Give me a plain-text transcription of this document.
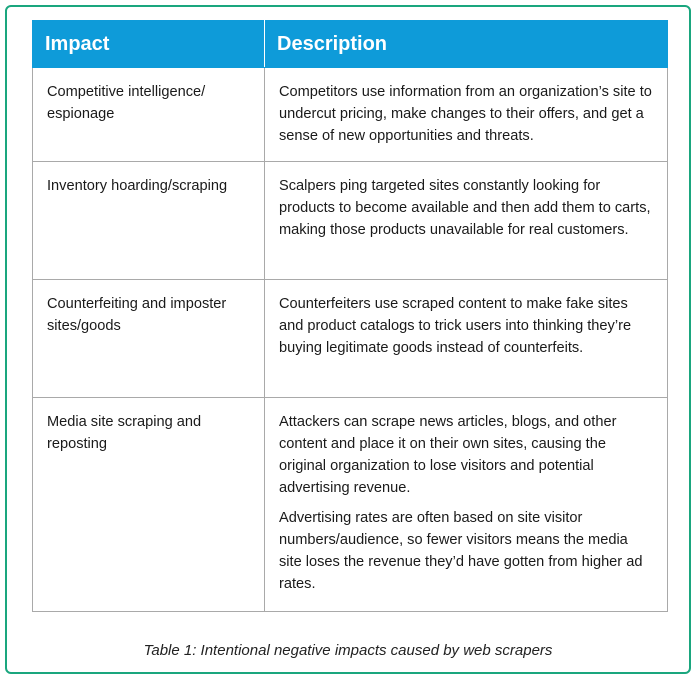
Impact	Description

Competitive intelligence/ espionage	Competitors use information from an organization’s site to undercut pricing, make changes to their offers, and get a sense of new opportunities and threats.

Inventory hoarding/scraping	Scalpers ping targeted sites constantly looking for products to become available and then add them to carts, making those products unavailable for real customers.

Counterfeiting and imposter sites/goods	Counterfeiters use scraped content to make fake sites and product catalogs to trick users into thinking they’re buying legitimate goods instead of counterfeits.

Media site scraping and reposting	Attackers can scrape news articles, blogs, and other content and place it on their own sites, causing the original organization to lose visitors and potential advertising revenue.

Advertising rates are often based on site visitor numbers/audience, so fewer visitors means the media site loses the revenue they’d have gotten from higher ad rates.

Table 1: Intentional negative impacts caused by web scrapers
